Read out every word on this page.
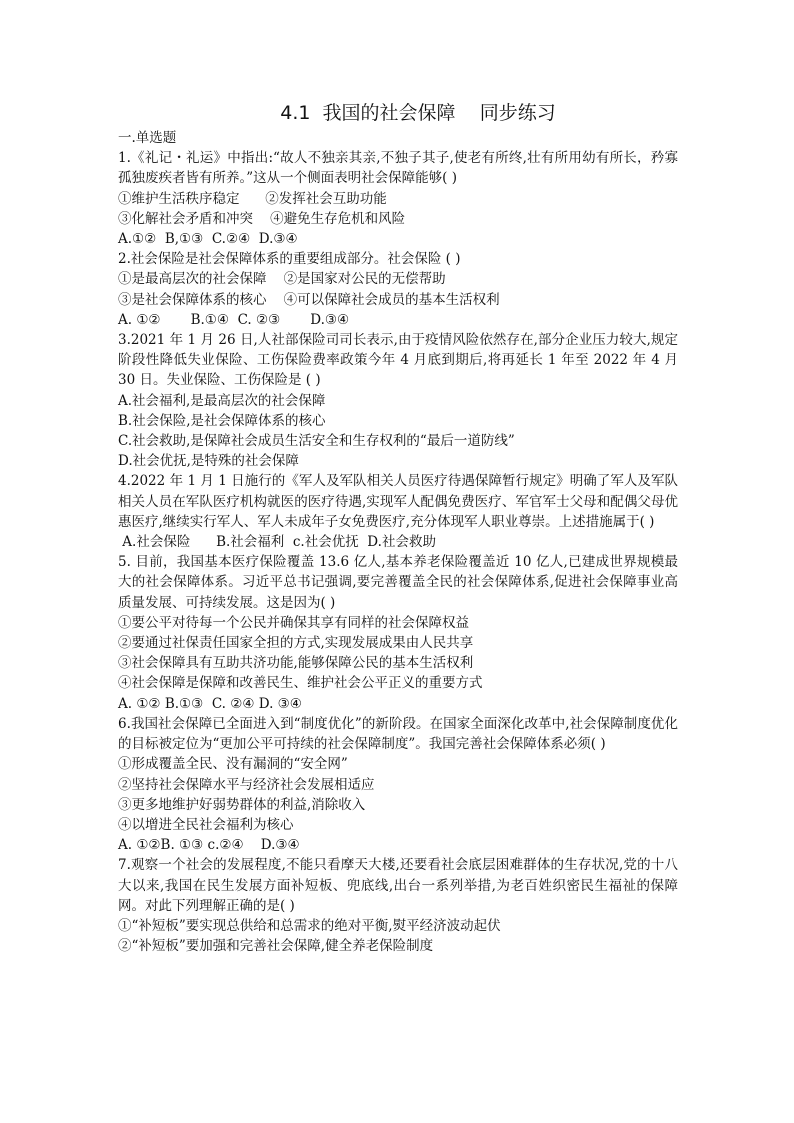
4.1  我国的社会保障    同步练习
一.单选题

1.《礼记・礼运》中指出:“故人不独亲其亲,不独子其子,使老有所终,壮有所用幼有所长，矜寡孤独废疾者皆有所养。”这从一个侧面表明社会保障能够( )

①维护生活秩序稳定      ②发挥社会互助功能

③化解社会矛盾和冲突    ④避免生存危机和风险

A.①②  B,①③  C.②④  D.③④

2.社会保险是社会保障体系的重要组成部分。社会保险 ( )

①是最高层次的社会保障    ②是国家对公民的无偿帮助

③是社会保障体系的核心    ④可以保障社会成员的基本生活权利

A. ①②       B.①④  C. ②③       D.③④

3.2021 年 1 月 26 日,人社部保险司司长表示,由于疫情风险依然存在,部分企业压力较大,规定阶段性降低失业保险、工伤保险费率政策今年 4 月底到期后,将再延长 1 年至 2022 年 4 月 30 日。失业保险、工伤保险是 ( )

A.社会福利,是最高层次的社会保障

B.社会保险,是社会保障体系的核心

C.社会救助,是保障社会成员生活安全和生存权利的“最后一道防线”

D.社会优抚,是特殊的社会保障

4.2022 年 1 月 1 日施行的《军人及军队相关人员医疗待遇保障暂行规定》明确了军人及军队相关人员在军队医疗机构就医的医疗待遇,实现军人配偶免费医疗、军官军士父母和配偶父母优惠医疗,继续实行军人、军人未成年子女免费医疗,充分体现军人职业尊崇。上述措施属于( )

A.社会保险      B.社会福利  c.社会优抚  D.社会救助

5. 目前，我国基本医疗保险覆盖 13.6 亿人,基本养老保险覆盖近 10 亿人,已建成世界规模最大的社会保障体系。习近平总书记强调,要完善覆盖全民的社会保障体系,促进社会保障事业高质量发展、可持续发展。这是因为( )

①要公平对待每一个公民并确保其享有同样的社会保障权益

②要通过社保责任国家全担的方式,实现发展成果由人民共享

③社会保障具有互助共济功能,能够保障公民的基本生活权利

④社会保障是保障和改善民生、维护社会公平正义的重要方式

A. ①② B.①③  C. ②④ D. ③④

6.我国社会保障已全面进入到“制度优化”的新阶段。在国家全面深化改革中,社会保障制度优化的目标被定位为“更加公平可持续的社会保障制度”。我国完善社会保障体系必须( )

①形成覆盖全民、没有漏洞的“安全网”

②坚持社会保障水平与经济社会发展相适应

③更多地维护好弱势群体的利益,消除收入

④以增进全民社会福利为核心

A. ①②B. ①③ c.②④    D.③④

7.观察一个社会的发展程度,不能只看摩天大楼,还要看社会底层困难群体的生存状况,党的十八大以来,我国在民生发展方面补短板、兜底线,出台一系列举措,为老百姓织密民生福祉的保障网。对此下列理解正确的是( )

①“补短板”要实现总供给和总需求的绝对平衡,熨平经济波动起伏

②“补短板”要加强和完善社会保障,健全养老保险制度
